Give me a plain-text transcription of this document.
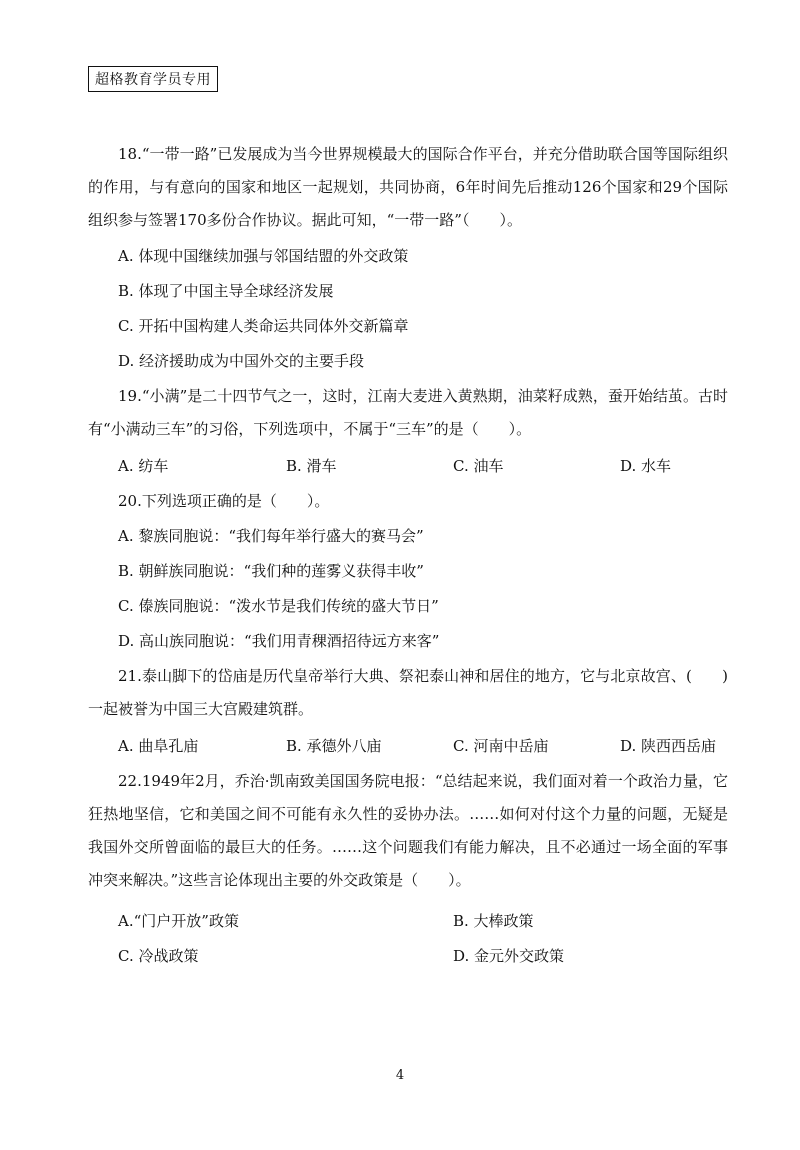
超格教育学员专用

18.“一带一路”已发展成为当今世界规模最大的国际合作平台，并充分借助联合国等国际组织的作用，与有意向的国家和地区一起规划，共同协商，6年时间先后推动126个国家和29个国际组织参与签署170多份合作协议。据此可知，“一带一路”（　　）。

A. 体现中国继续加强与邻国结盟的外交政策
B. 体现了中国主导全球经济发展
C. 开拓中国构建人类命运共同体外交新篇章
D. 经济援助成为中国外交的主要手段

19.“小满”是二十四节气之一，这时，江南大麦进入黄熟期，油菜籽成熟，蚕开始结茧。古时有“小满动三车”的习俗，下列选项中，不属于“三车”的是（　　）。

A. 纺车	B. 滑车	C. 油车	D. 水车
20.下列选项正确的是（　　）。
A. 黎族同胞说：“我们每年举行盛大的赛马会”
B. 朝鲜族同胞说：“我们种的莲雾义获得丰收”
C. 傣族同胞说：“泼水节是我们传统的盛大节日”
D. 高山族同胞说：“我们用青稞酒招待远方来客”

21.泰山脚下的岱庙是历代皇帝举行大典、祭祀泰山神和居住的地方，它与北京故宫、(　　)一起被誉为中国三大宫殿建筑群。

A. 曲阜孔庙	B. 承德外八庙	C. 河南中岳庙	D. 陕西西岳庙

22.1949年2月，乔治·凯南致美国国务院电报：“总结起来说，我们面对着一个政治力量，它狂热地坚信，它和美国之间不可能有永久性的妥协办法。……如何对付这个力量的问题，无疑是我国外交所曾面临的最巨大的任务。……这个问题我们有能力解决，且不必通过一场全面的军事冲突来解决。”这些言论体现出主要的外交政策是（　　）。

A.“门户开放”政策	B. 大棒政策
C. 冷战政策	D. 金元外交政策
4
